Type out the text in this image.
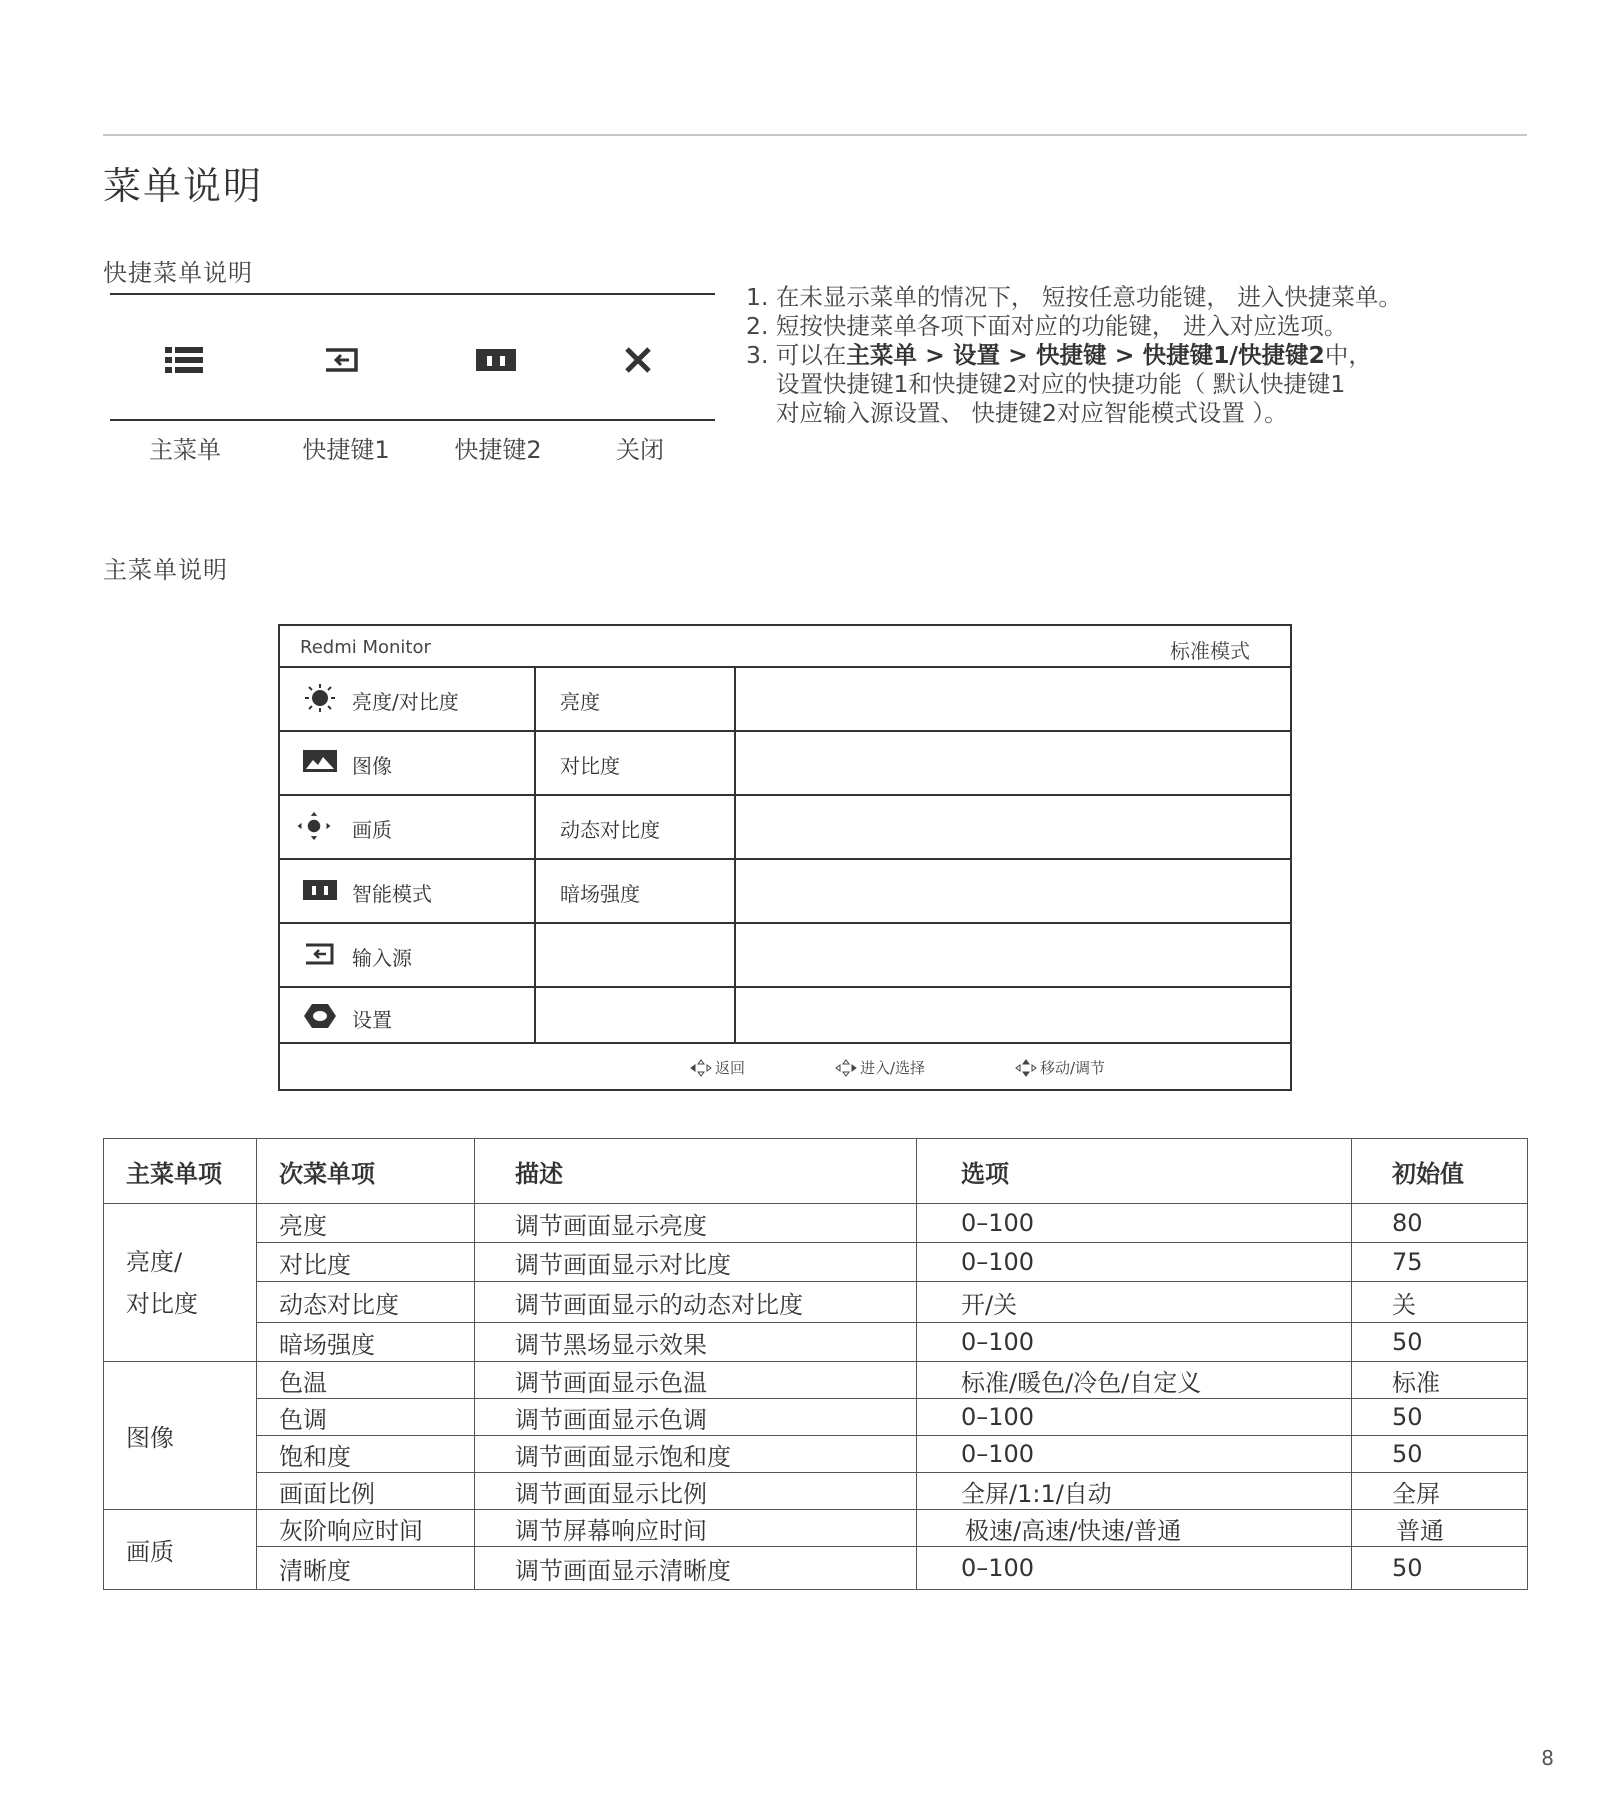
菜单说明
快捷菜单说明
主菜单	快捷键1	快捷键2	关闭
1. 在未显示菜单的情况下， 短按任意功能键， 进入快捷菜单。
2. 短按快捷菜单各项下面对应的功能键， 进入对应选项。
3. 可以在主菜单 > 设置 > 快捷键 > 快捷键1/快捷键2中，
设置快捷键1和快捷键2对应的快捷功能（ 默认快捷键1
对应输入源设置、 快捷键2对应智能模式设置 ）。
主菜单说明
Redmi Monitor	标准模式
亮度/对比度	亮度
图像	对比度
画质	动态对比度
智能模式	暗场强度
输入源
设置
返回	进入/选择	移动/调节
主菜单项	次菜单项	描述	选项	初始值

亮度/
对比度	亮度	调节画面显示亮度	0–100	80
	对比度	调节画面显示对比度	0–100	75
	动态对比度	调节画面显示的动态对比度	开/关	关
	暗场强度	调节黑场显示效果	0–100	50
图像	色温	调节画面显示色温	标准/暖色/冷色/自定义	标准
	色调	调节画面显示色调	0–100	50
	饱和度	调节画面显示饱和度	0–100	50
	画面比例	调节画面显示比例	全屏/1:1/自动	全屏
画质	灰阶响应时间	调节屏幕响应时间	极速/高速/快速/普通	普通
	清晰度	调节画面显示清晰度	0–100	50
8
